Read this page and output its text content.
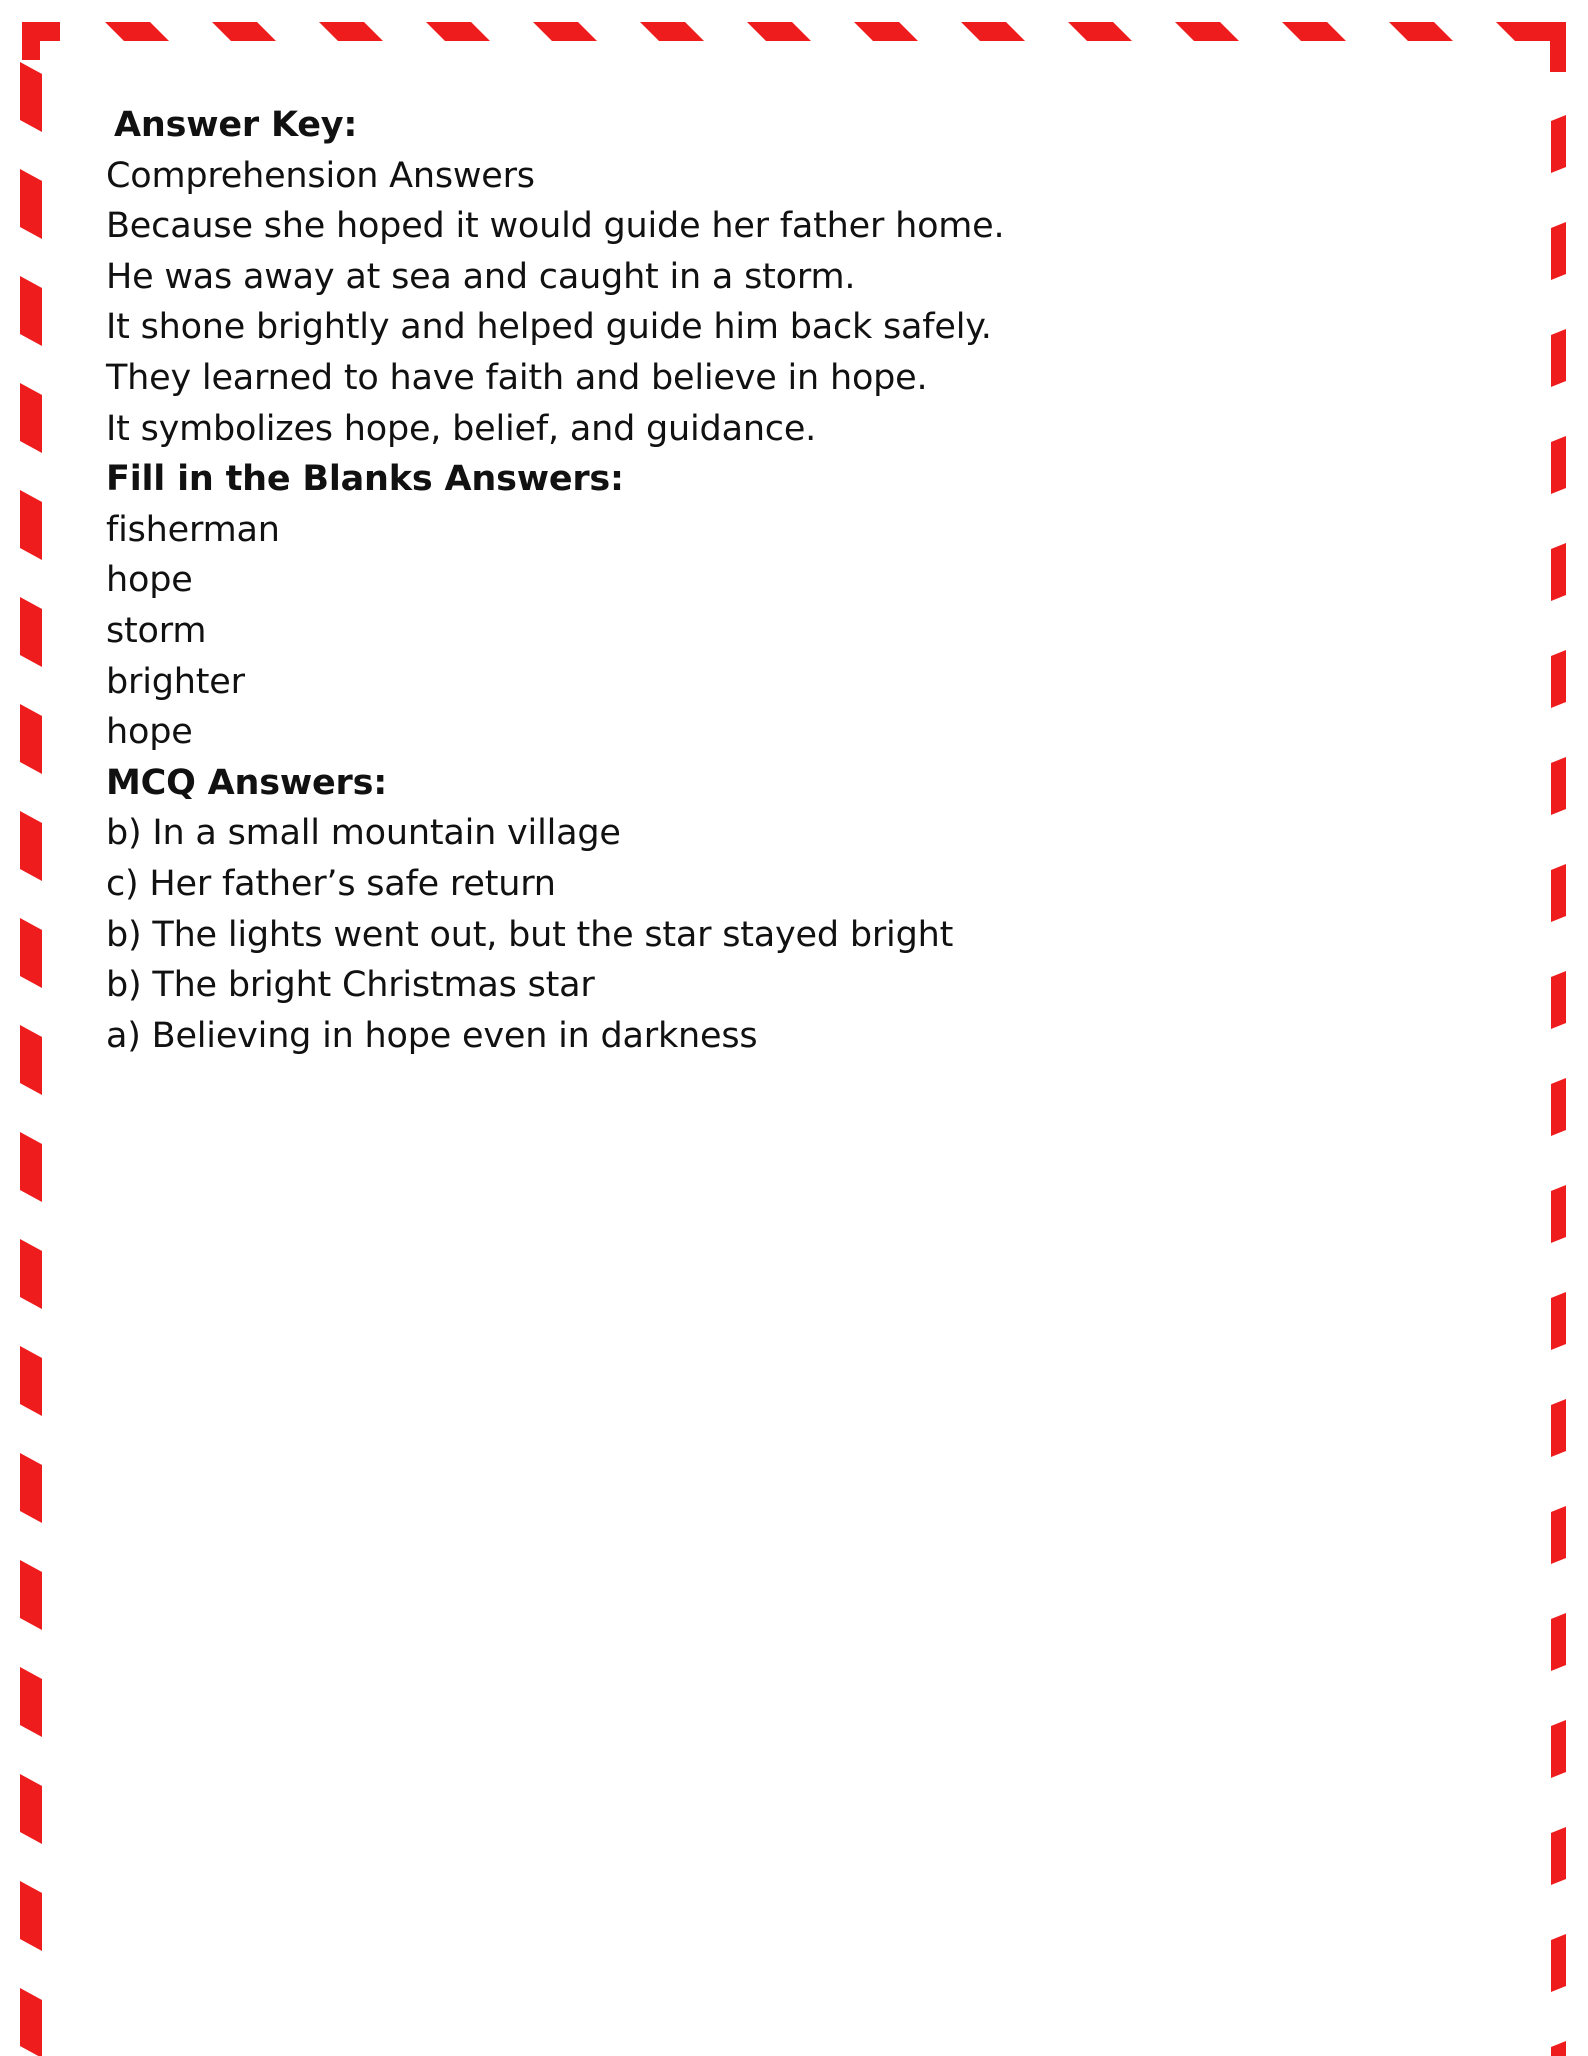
Answer Key:
Comprehension Answers
Because she hoped it would guide her father home.
He was away at sea and caught in a storm.
It shone brightly and helped guide him back safely.
They learned to have faith and believe in hope.
It symbolizes hope, belief, and guidance.
Fill in the Blanks Answers:
fisherman
hope
storm
brighter
hope
MCQ Answers:
b) In a small mountain village
c) Her father’s safe return
b) The lights went out, but the star stayed bright
b) The bright Christmas star
a) Believing in hope even in darkness
